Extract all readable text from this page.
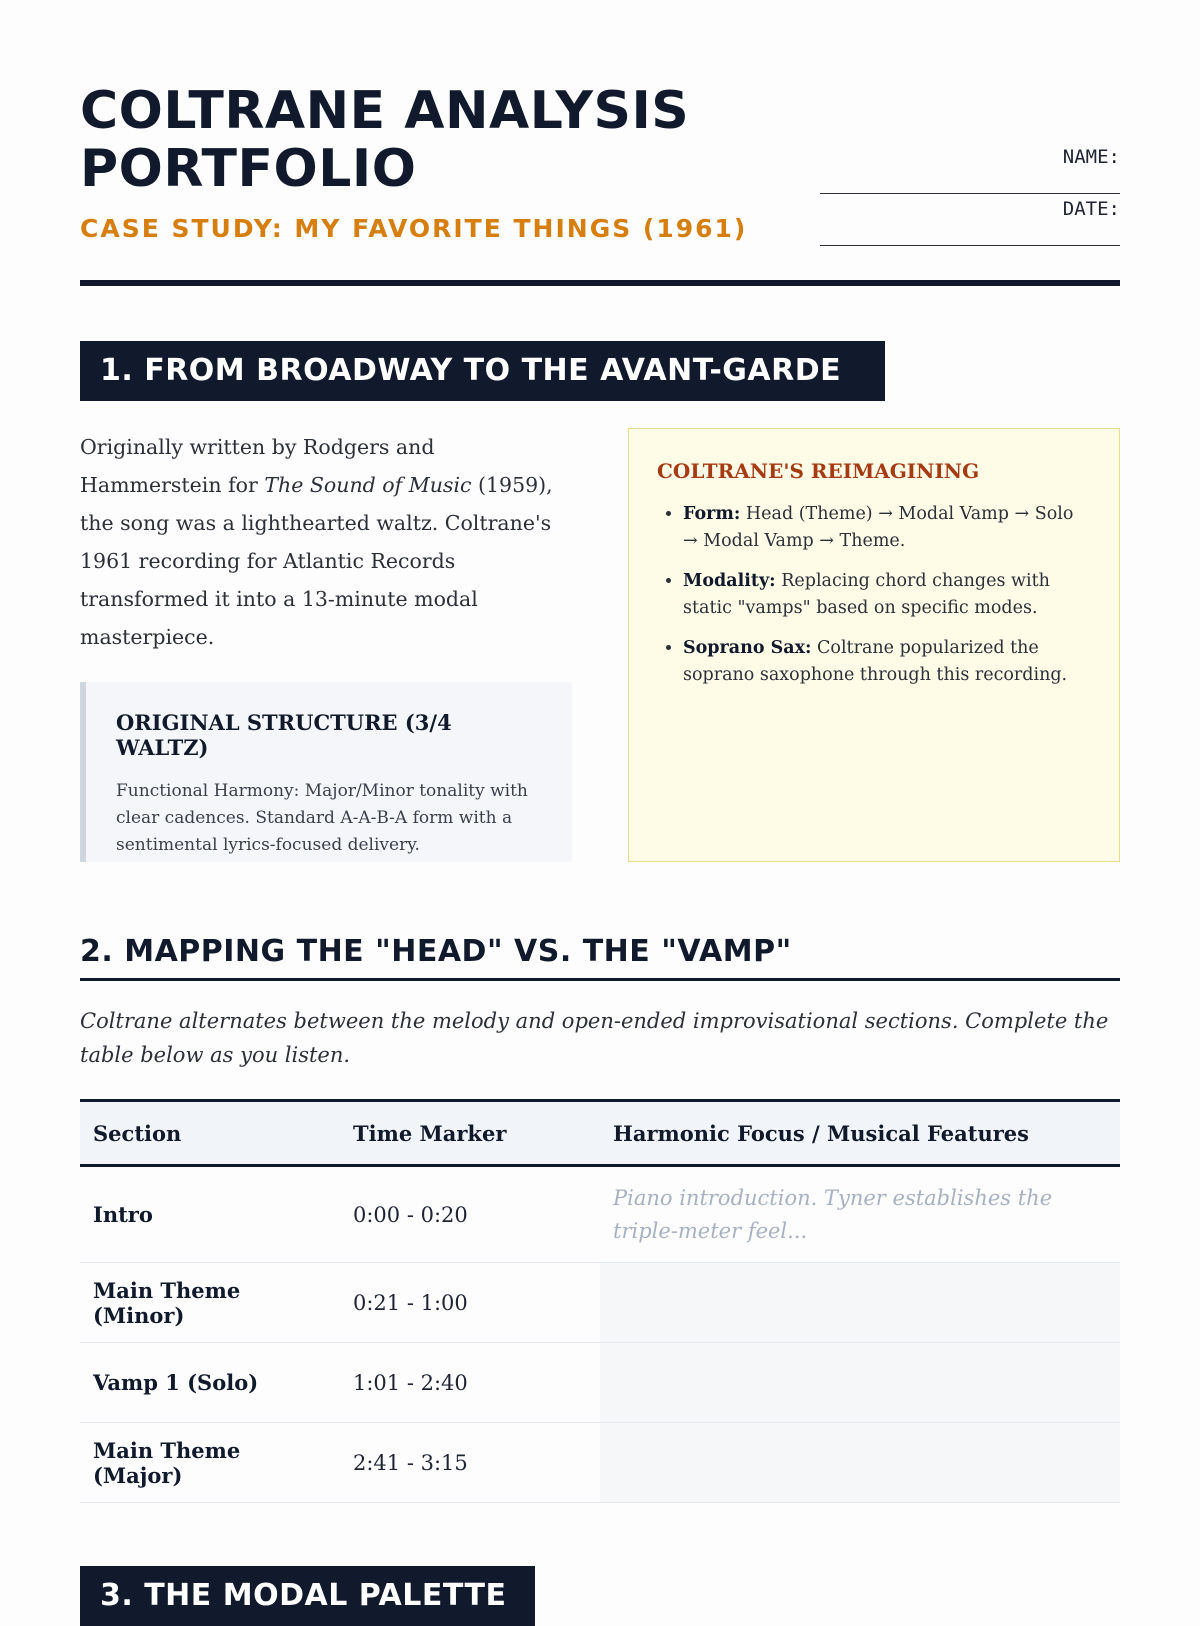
COLTRANE ANALYSIS PORTFOLIO
CASE STUDY: MY FAVORITE THINGS (1961)
NAME:
DATE:
1. FROM BROADWAY TO THE AVANT-GARDE

Originally written by Rodgers and Hammerstein for The Sound of Music (1959), the song was a lighthearted waltz. Coltrane's 1961 recording for Atlantic Records transformed it into a 13-minute modal masterpiece.

ORIGINAL STRUCTURE (3/4 WALTZ)

Functional Harmony: Major/Minor tonality with clear cadences. Standard A-A-B-A form with a sentimental lyrics-focused delivery.

COLTRANE'S REIMAGINING

• Form: Head (Theme) → Modal Vamp → Solo → Modal Vamp → Theme.
• Modality: Replacing chord changes with static "vamps" based on specific modes.
• Soprano Sax: Coltrane popularized the soprano saxophone through this recording.
2. MAPPING THE "HEAD" VS. THE "VAMP"

Coltrane alternates between the melody and open-ended improvisational sections. Complete the table below as you listen.

Section	Time Marker	Harmonic Focus / Musical Features
Intro	0:00 - 0:20	Piano introduction. Tyner establishes the triple-meter feel...
Main Theme (Minor)	0:21 - 1:00	
Vamp 1 (Solo)	1:01 - 2:40	
Main Theme (Major)	2:41 - 3:15	
3. THE MODAL PALETTE
